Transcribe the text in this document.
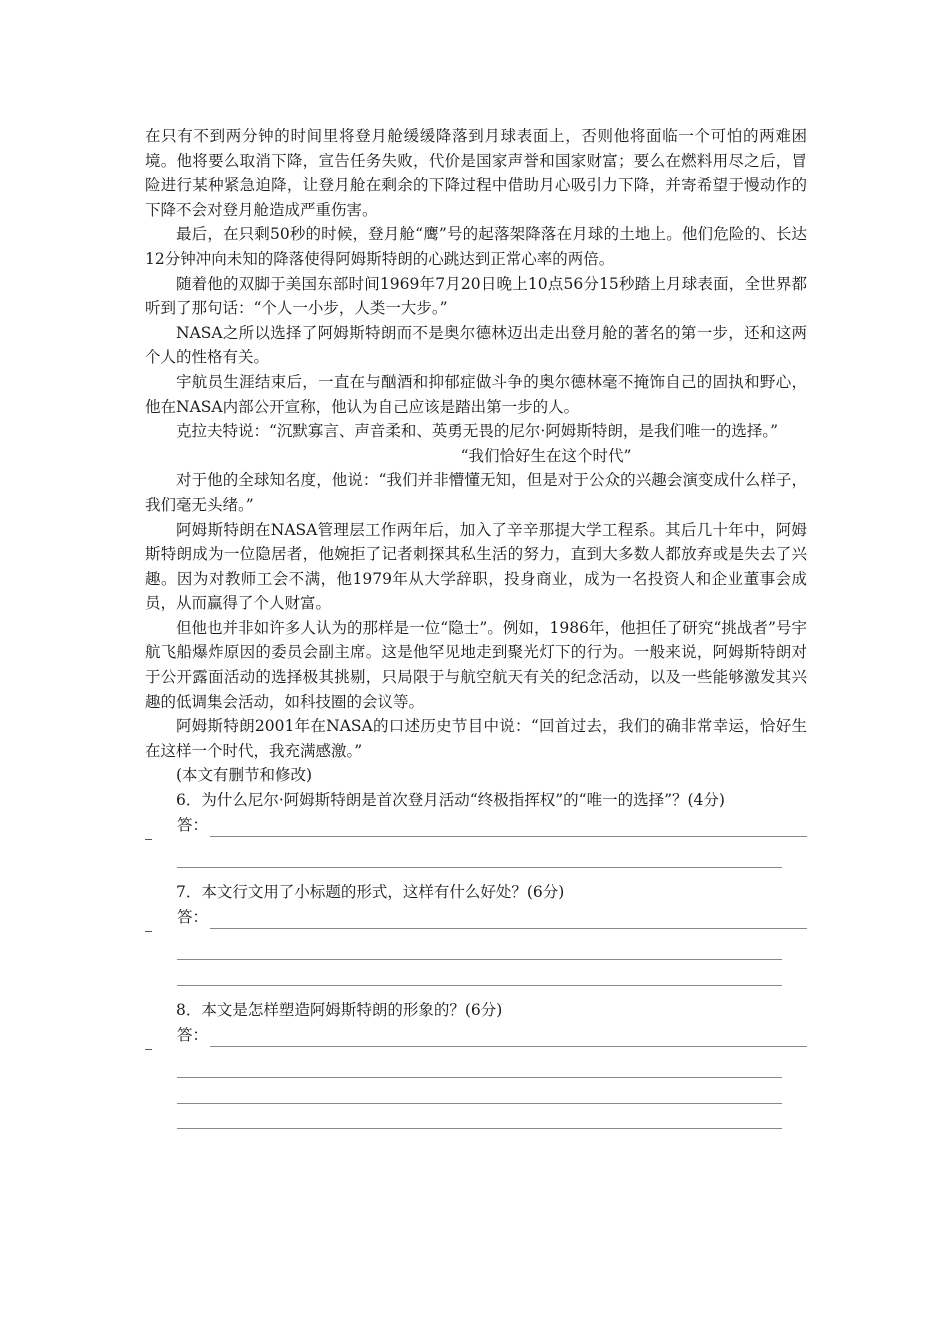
在只有不到两分钟的时间里将登月舱缓缓降落到月球表面上，否则他将面临一个可怕的两难困境。他将要么取消下降，宣告任务失败，代价是国家声誉和国家财富；要么在燃料用尽之后，冒险进行某种紧急迫降，让登月舱在剩余的下降过程中借助月心吸引力下降，并寄希望于慢动作的下降不会对登月舱造成严重伤害。

最后，在只剩50秒的时候，登月舱“鹰”号的起落架降落在月球的土地上。他们危险的、长达12分钟冲向未知的降落使得阿姆斯特朗的心跳达到正常心率的两倍。

随着他的双脚于美国东部时间1969年7月20日晚上10点56分15秒踏上月球表面，全世界都听到了那句话：“个人一小步，人类一大步。”

NASA之所以选择了阿姆斯特朗而不是奥尔德林迈出走出登月舱的著名的第一步，还和这两个人的性格有关。

宇航员生涯结束后，一直在与酗酒和抑郁症做斗争的奥尔德林毫不掩饰自己的固执和野心，他在NASA内部公开宣称，他认为自己应该是踏出第一步的人。

克拉夫特说：“沉默寡言、声音柔和、英勇无畏的尼尔·阿姆斯特朗，是我们唯一的选择。”

“我们恰好生在这个时代”

对于他的全球知名度，他说：“我们并非懵懂无知，但是对于公众的兴趣会演变成什么样子，我们毫无头绪。”

阿姆斯特朗在NASA管理层工作两年后，加入了辛辛那提大学工程系。其后几十年中，阿姆斯特朗成为一位隐居者，他婉拒了记者刺探其私生活的努力，直到大多数人都放弃或是失去了兴趣。因为对教师工会不满，他1979年从大学辞职，投身商业，成为一名投资人和企业董事会成员，从而赢得了个人财富。

但他也并非如许多人认为的那样是一位“隐士”。例如，1986年，他担任了研究“挑战者”号宇航飞船爆炸原因的委员会副主席。这是他罕见地走到聚光灯下的行为。一般来说，阿姆斯特朗对于公开露面活动的选择极其挑剔，只局限于与航空航天有关的纪念活动，以及一些能够激发其兴趣的低调集会活动，如科技圈的会议等。

阿姆斯特朗2001年在NASA的口述历史节目中说：“回首过去，我们的确非常幸运，恰好生在这样一个时代，我充满感激。”

(本文有删节和修改)

6．为什么尼尔·阿姆斯特朗是首次登月活动“终极指挥权”的“唯一的选择”？(4分)

答：

7．本文行文用了小标题的形式，这样有什么好处？(6分)

答：

8．本文是怎样塑造阿姆斯特朗的形象的？(6分)

答：
